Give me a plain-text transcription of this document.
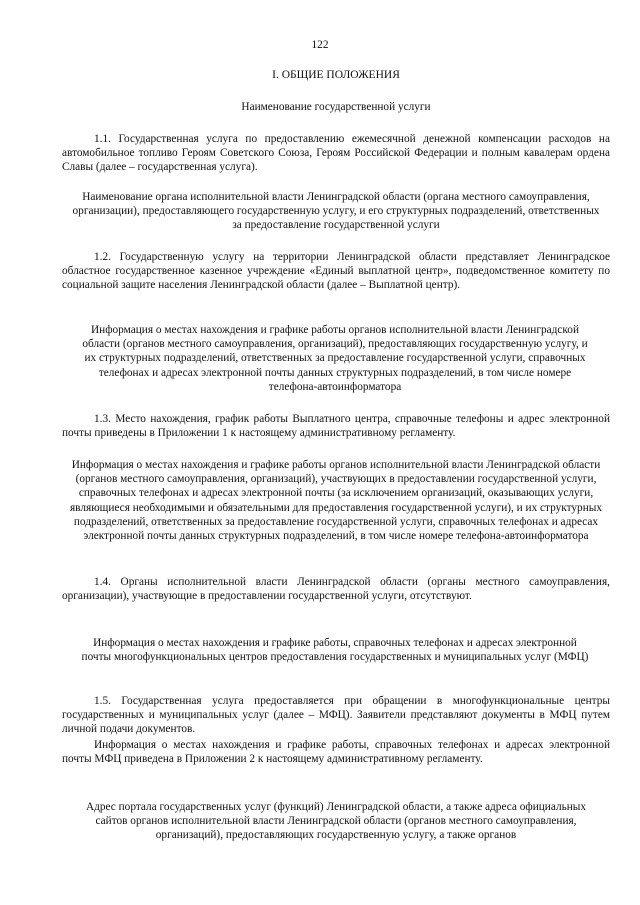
122
I. ОБЩИЕ ПОЛОЖЕНИЯ
Наименование государственной услуги
1.1. Государственная услуга по предоставлению ежемесячной денежной компенсации расходов на автомобильное топливо Героям Советского Союза, Героям Российской Федерации и полным кавалерам ордена Славы (далее – государственная услуга).
Наименование органа исполнительной власти Ленинградской области (органа местного самоуправления, организации), предоставляющего государственную услугу, и его структурных подразделений, ответственных за предоставление государственной услуги
1.2. Государственную услугу на территории Ленинградской области представляет Ленинградское областное государственное казенное учреждение «Единый выплатной центр», подведомственное комитету по социальной защите населения Ленинградской области (далее – Выплатной центр).
Информация о местах нахождения и графике работы органов исполнительной власти Ленинградской области (органов местного самоуправления, организаций), предоставляющих государственную услугу, и их структурных подразделений, ответственных за предоставление государственной услуги, справочных телефонах и адресах электронной почты данных структурных подразделений, в том числе номере телефона-автоинформатора
1.3. Место нахождения, график работы Выплатного центра, справочные телефоны и адрес электронной почты приведены в Приложении 1 к настоящему административному регламенту.
Информация о местах нахождения и графике работы органов исполнительной власти Ленинградской области (органов местного самоуправления, организаций), участвующих в предоставлении государственной услуги, справочных телефонах и адресах электронной почты (за исключением организаций, оказывающих услуги, являющиеся необходимыми и обязательными для предоставления государственной услуги), и их структурных подразделений, ответственных за предоставление государственной услуги, справочных телефонах и адресах электронной почты данных структурных подразделений, в том числе номере телефона-автоинформатора
1.4. Органы исполнительной власти Ленинградской области (органы местного самоуправления, организации), участвующие в предоставлении государственной услуги, отсутствуют.
Информация о местах нахождения и графике работы, справочных телефонах и адресах электронной почты многофункциональных центров предоставления государственных и муниципальных услуг (МФЦ)
1.5. Государственная услуга предоставляется при обращении в многофункциональные центры государственных и муниципальных услуг (далее – МФЦ). Заявители представляют документы в МФЦ путем личной подачи документов.
Информация о местах нахождения и графике работы, справочных телефонах и адресах электронной почты МФЦ приведена в Приложении 2 к настоящему административному регламенту.
Адрес портала государственных услуг (функций) Ленинградской области, а также адреса официальных сайтов органов исполнительной власти Ленинградской области (органов местного самоуправления, организаций), предоставляющих государственную услугу, а также органов
